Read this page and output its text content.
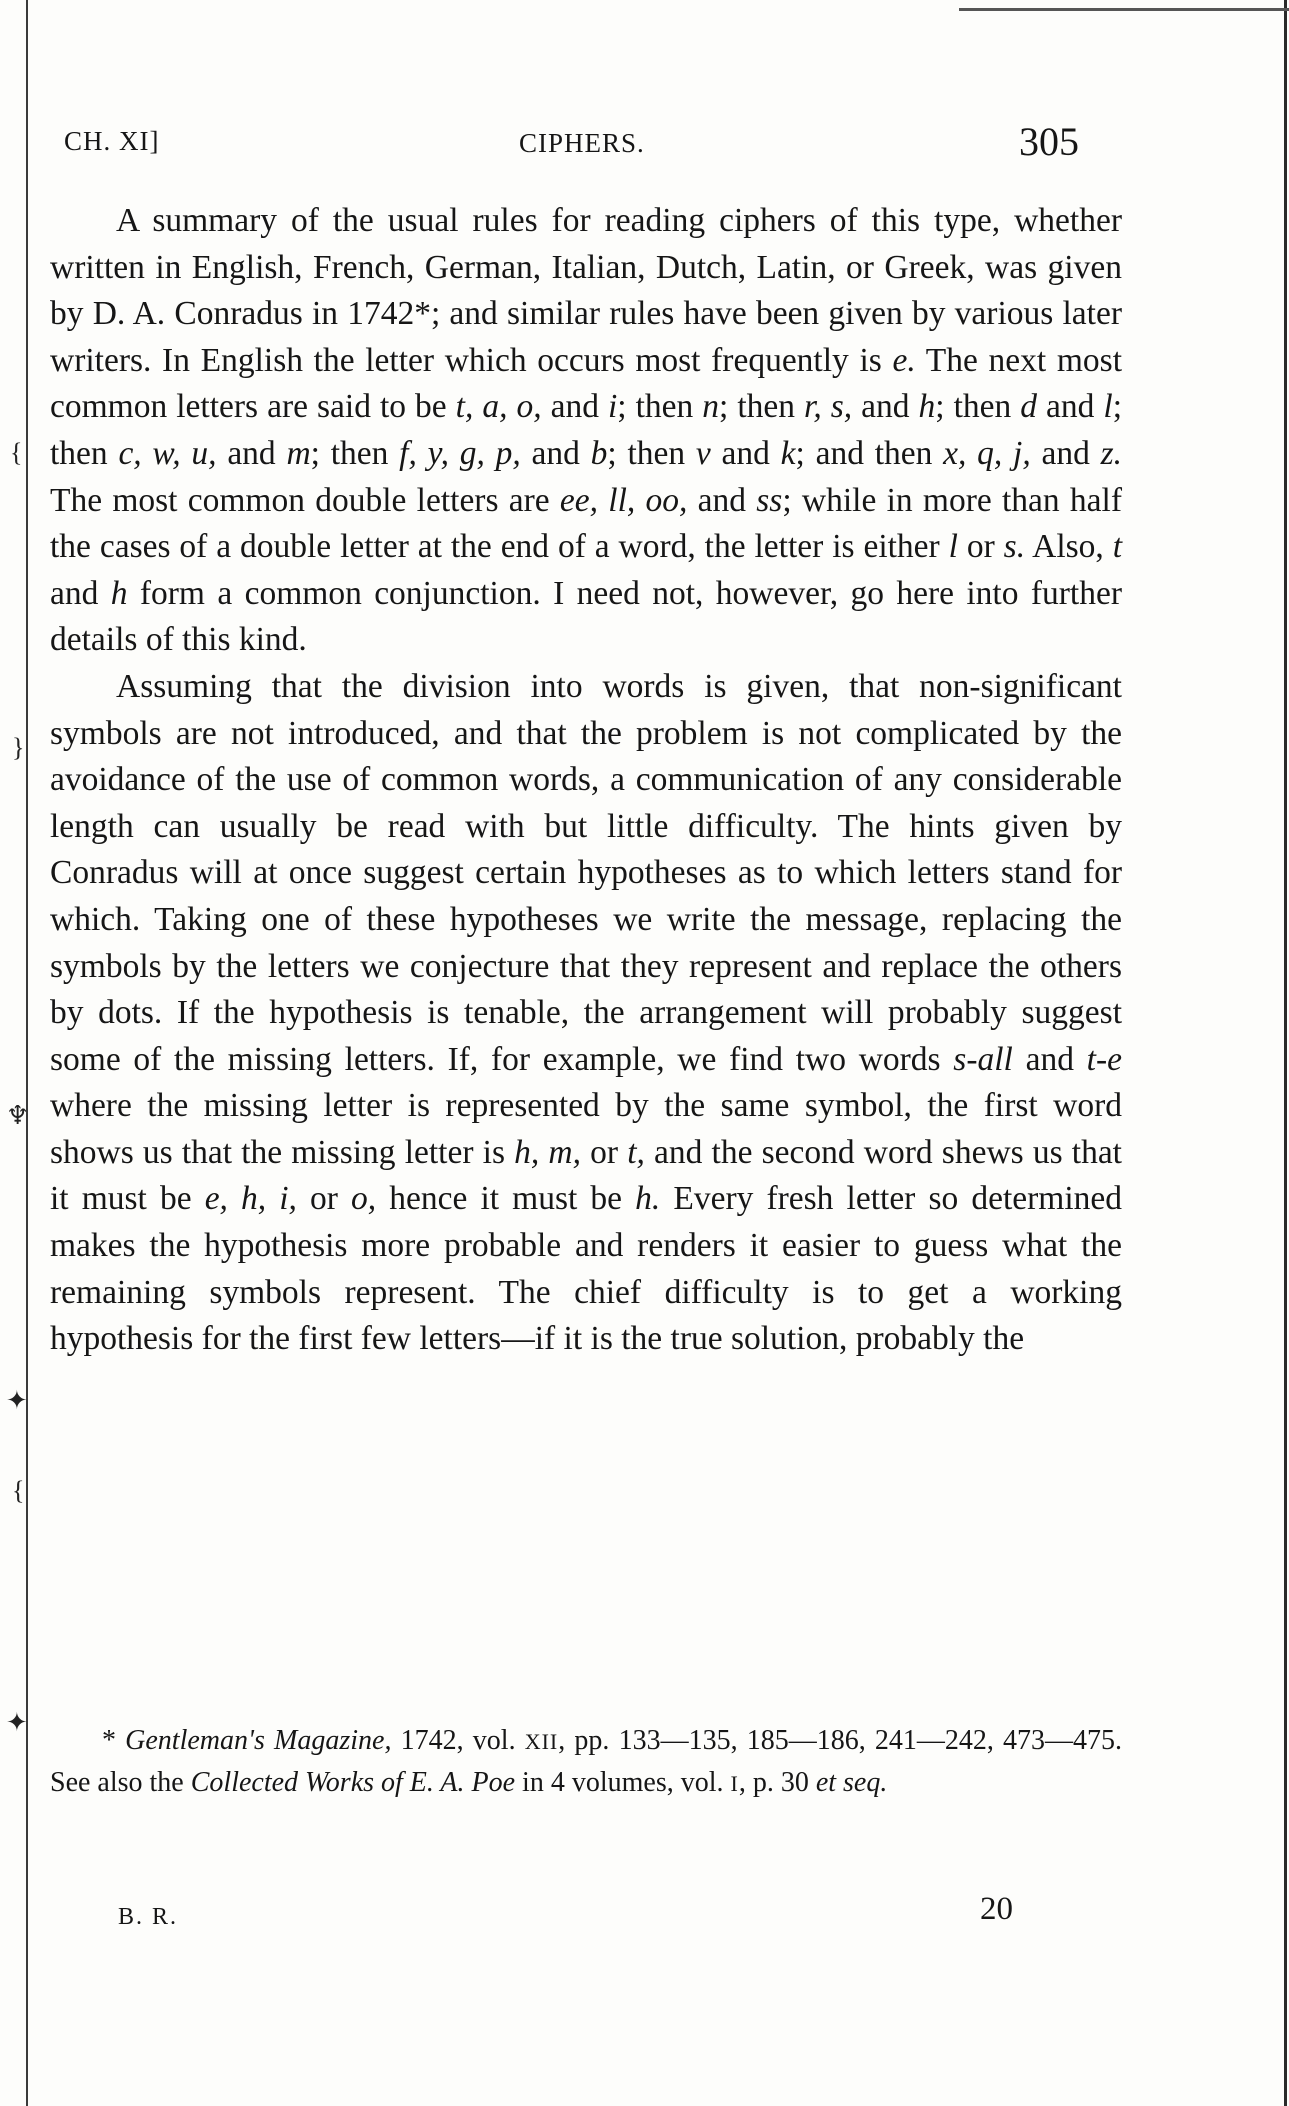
{
}
♆
✦
{
✦
CH. XI]	CIPHERS.	305

A summary of the usual rules for reading ciphers of this type, whether written in English, French, German, Italian, Dutch, Latin, or Greek, was given by D. A. Conradus in 1742*; and similar rules have been given by various later writers. In English the letter which occurs most frequently is e. The next most common letters are said to be t, a, o, and i; then n; then r, s, and h; then d and l; then c, w, u, and m; then f, y, g, p, and b; then v and k; and then x, q, j, and z. The most common double letters are ee, ll, oo, and ss; while in more than half the cases of a double letter at the end of a word, the letter is either l or s. Also, t and h form a common conjunction. I need not, however, go here into further details of this kind.

Assuming that the division into words is given, that non-significant symbols are not introduced, and that the problem is not complicated by the avoidance of the use of common words, a communication of any considerable length can usually be read with but little difficulty. The hints given by Conradus will at once suggest certain hypotheses as to which letters stand for which. Taking one of these hypotheses we write the message, replacing the symbols by the letters we conjecture that they represent and replace the others by dots. If the hypothesis is tenable, the arrangement will probably suggest some of the missing letters. If, for example, we find two words s-all and t-e where the missing letter is represented by the same symbol, the first word shows us that the missing letter is h, m, or t, and the second word shews us that it must be e, h, i, or o, hence it must be h. Every fresh letter so determined makes the hypothesis more probable and renders it easier to guess what the remaining symbols represent. The chief difficulty is to get a working hypothesis for the first few letters—if it is the true solution, probably the

* Gentleman's Magazine, 1742, vol. XII, pp. 133—135, 185—186, 241—242, 473—475. See also the Collected Works of E. A. Poe in 4 volumes, vol. I, p. 30 et seq.

B. R.	20
